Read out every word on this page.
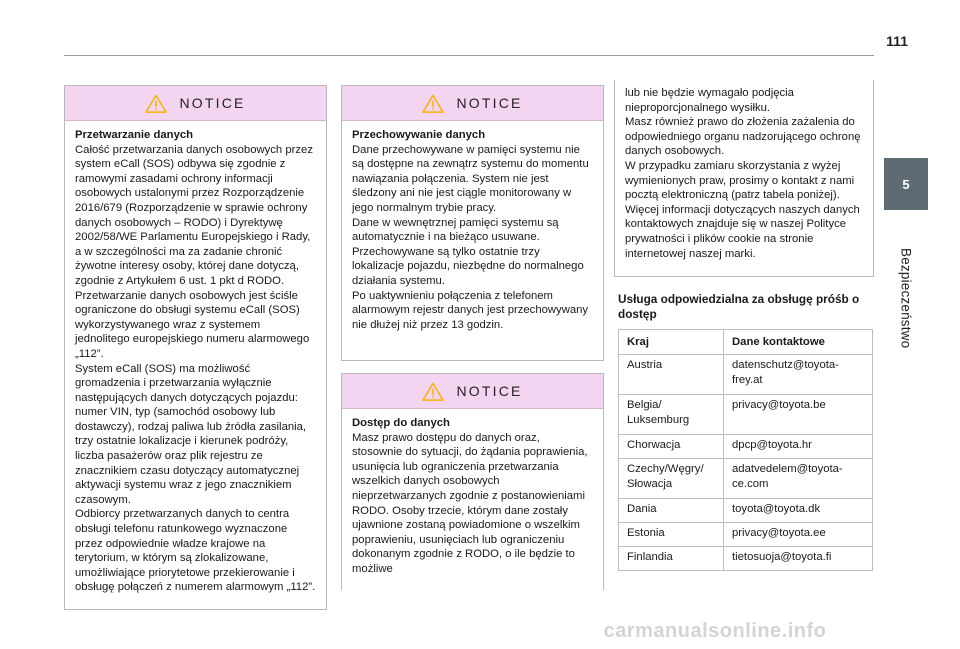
111
5
Bezpieczeństwo
NOTICE

Przetwarzanie danych

Całość przetwarzania danych osobowych przez system eCall (SOS) odbywa się zgodnie z ramowymi zasadami ochrony informacji osobowych ustalonymi przez Rozporządzenie 2016/679 (Rozporządzenie w sprawie ochrony danych osobowych – RODO) i Dyrektywę 2002/58/WE Parlamentu Europejskiego i Rady, a w szczególności ma za zadanie chronić żywotne interesy osoby, której dane dotyczą, zgodnie z Artykułem 6 ust. 1 pkt d RODO.

Przetwarzanie danych osobowych jest ściśle ograniczone do obsługi systemu eCall (SOS) wykorzystywanego wraz z systemem jednolitego europejskiego numeru alarmowego „112”.

System eCall (SOS) ma możliwość gromadzenia i przetwarzania wyłącznie następujących danych dotyczących pojazdu: numer VIN, typ (samochód osobowy lub dostawczy), rodzaj paliwa lub źródła zasilania, trzy ostatnie lokalizacje i kierunek podróży, liczba pasażerów oraz plik rejestru ze znacznikiem czasu dotyczący automatycznej aktywacji systemu wraz z jego znacznikiem czasowym.

Odbiorcy przetwarzanych danych to centra obsługi telefonu ratunkowego wyznaczone przez odpowiednie władze krajowe na terytorium, w którym są zlokalizowane, umożliwiające priorytetowe przekierowanie i obsługę połączeń z numerem alarmowym „112”.

NOTICE

Przechowywanie danych

Dane przechowywane w pamięci systemu nie są dostępne na zewnątrz systemu do momentu nawiązania połączenia. System nie jest śledzony ani nie jest ciągle monitorowany w jego normalnym trybie pracy.

Dane w wewnętrznej pamięci systemu są automatycznie i na bieżąco usuwane.

Przechowywane są tylko ostatnie trzy lokalizacje pojazdu, niezbędne do normalnego działania systemu.

Po uaktywnieniu połączenia z telefonem alarmowym rejestr danych jest przechowywany nie dłużej niż przez 13 godzin.

NOTICE

Dostęp do danych

Masz prawo dostępu do danych oraz, stosownie do sytuacji, do żądania poprawienia, usunięcia lub ograniczenia przetwarzania wszelkich danych osobowych nieprzetwarzanych zgodnie z postanowieniami RODO. Osoby trzecie, którym dane zostały ujawnione zostaną powiadomione o wszelkim poprawieniu, usunięciach lub ograniczeniu dokonanym zgodnie z RODO, o ile będzie to możliwe

lub nie będzie wymagało podjęcia nieproporcjonalnego wysiłku.

Masz również prawo do złożenia zażalenia do odpowiedniego organu nadzorującego ochronę danych osobowych.

W przypadku zamiaru skorzystania z wyżej wymienionych praw, prosimy o kontakt z nami pocztą elektroniczną (patrz tabela poniżej). Więcej informacji dotyczących naszych danych kontaktowych znajduje się w naszej Polityce prywatności i plików cookie na stronie internetowej naszej marki.

Usługa odpowiedzialna za obsługę próśb o dostęp
Kraj	Dane kontaktowe
Austria	datenschutz@toyota-frey.at
Belgia/ Luksemburg	privacy@toyota.be
Chorwacja	dpcp@toyota.hr
Czechy/Węgry/ Słowacja	adatvedelem@toyota-ce.com
Dania	toyota@toyota.dk
Estonia	privacy@toyota.ee
Finlandia	tietosuoja@toyota.fi
carmanualsonline.info
